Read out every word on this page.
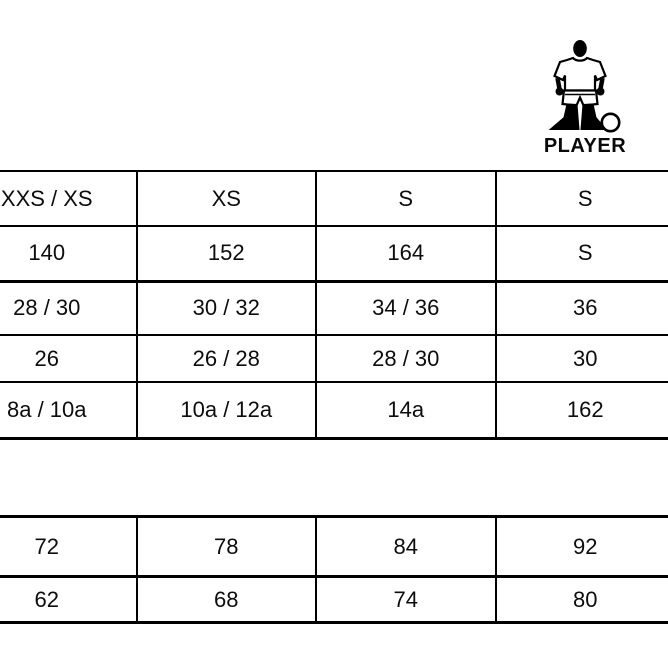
PLAYER
XXS / XS	XS	S	S
140	152	164	S
28 / 30	30 / 32	34 / 36	36
26	26 / 28	28 / 30	30
8a / 10a	10a / 12a	14a	162
72	78	84	92
62	68	74	80
